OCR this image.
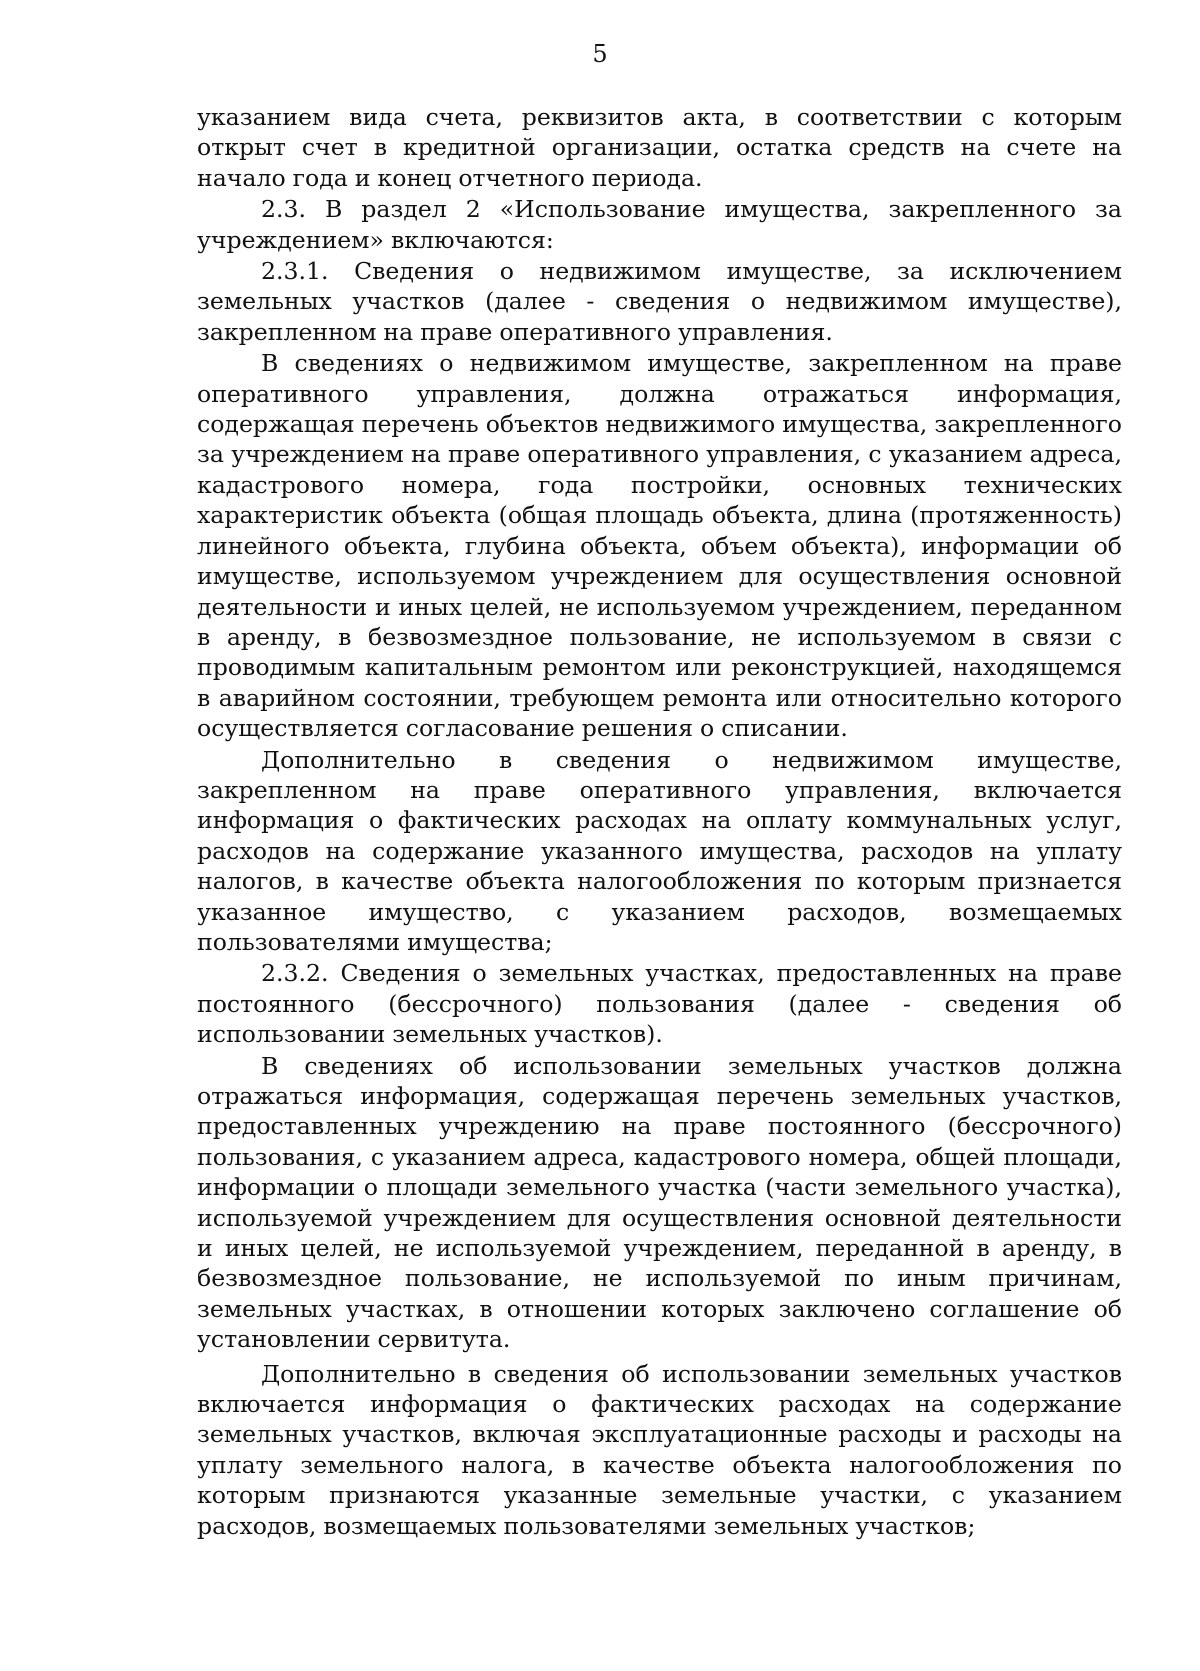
5

указанием вида счета, реквизитов акта, в соответствии с которым открыт счет в кредитной организации, остатка средств на счете на начало года и конец отчетного периода.

2.3. В раздел 2 «Использование имущества, закрепленного за учреждением» включаются:

2.3.1. Сведения о недвижимом имуществе, за исключением земельных участков (далее - сведения о недвижимом имуществе), закрепленном на праве оперативного управления.

В сведениях о недвижимом имуществе, закрепленном на праве оперативного управления, должна отражаться информация, содержащая перечень объектов недвижимого имущества, закрепленного за учреждением на праве оперативного управления, с указанием адреса, кадастрового номера, года постройки, основных технических характеристик объекта (общая площадь объекта, длина (протяженность) линейного объекта, глубина объекта, объем объекта), информации об имуществе, используемом учреждением для осуществления основной деятельности и иных целей, не используемом учреждением, переданном в аренду, в безвозмездное пользование, не используемом в связи с проводимым капитальным ремонтом или реконструкцией, находящемся в аварийном состоянии, требующем ремонта или относительно которого осуществляется согласование решения о списании.

Дополнительно в сведения о недвижимом имуществе, закрепленном на праве оперативного управления, включается информация о фактических расходах на оплату коммунальных услуг, расходов на содержание указанного имущества, расходов на уплату налогов, в качестве объекта налогообложения по которым признается указанное имущество, с указанием расходов, возмещаемых пользователями имущества;

2.3.2. Сведения о земельных участках, предоставленных на праве постоянного (бессрочного) пользования (далее - сведения об использовании земельных участков).

В сведениях об использовании земельных участков должна отражаться информация, содержащая перечень земельных участков, предоставленных учреждению на праве постоянного (бессрочного) пользования, с указанием адреса, кадастрового номера, общей площади, информации о площади земельного участка (части земельного участка), используемой учреждением для осуществления основной деятельности и иных целей, не используемой учреждением, переданной в аренду, в безвозмездное пользование, не используемой по иным причинам, земельных участках, в отношении которых заключено соглашение об установлении сервитута.

Дополнительно в сведения об использовании земельных участков включается информация о фактических расходах на содержание земельных участков, включая эксплуатационные расходы и расходы на уплату земельного налога, в качестве объекта налогообложения по которым признаются указанные земельные участки, с указанием расходов, возмещаемых пользователями земельных участков;
